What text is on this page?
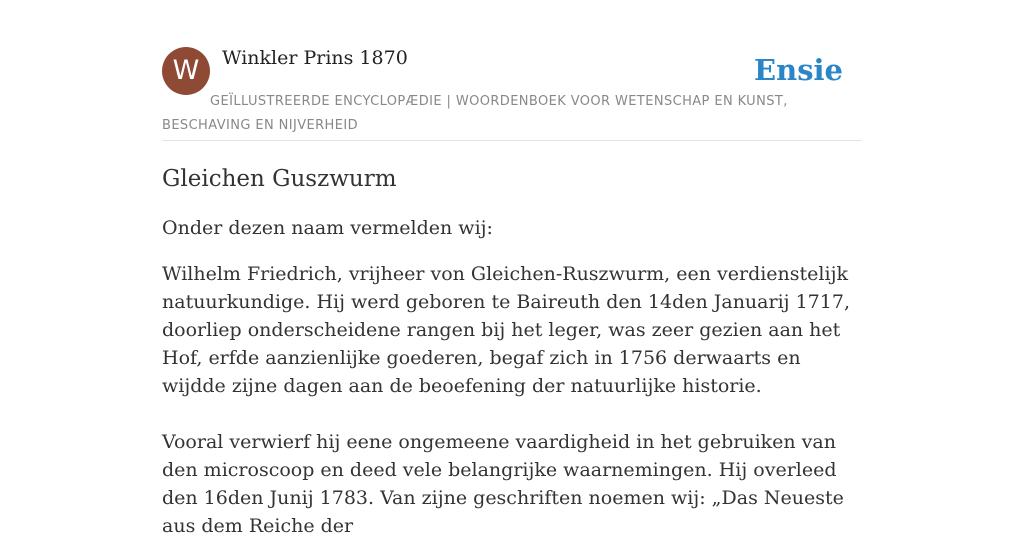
W	Winkler Prins 1870	Ensie
GEÏLLUSTREERDE ENCYCLOPÆDIE | WOORDENBOEK VOOR WETENSCHAP EN KUNST, BESCHAVING EN NIJVERHEID
Gleichen Guszwurm

Onder dezen naam vermelden wij:

Wilhelm Friedrich, vrijheer von Gleichen-Ruszwurm, een verdienstelijk natuurkundige. Hij werd geboren te Baireuth den 14den Januarij 1717, doorliep onderscheidene rangen bij het leger, was zeer gezien aan het Hof, erfde aanzienlijke goederen, begaf zich in 1756 derwaarts en wijdde zijne dagen aan de beoefening der natuurlijke historie.

Vooral verwierf hij eene ongemeene vaardigheid in het gebruiken van den microscoop en deed vele belangrijke waarnemingen. Hij overleed den 16den Junij 1783. Van zijne geschriften noemen wij: „Das Neueste aus dem Reiche der
